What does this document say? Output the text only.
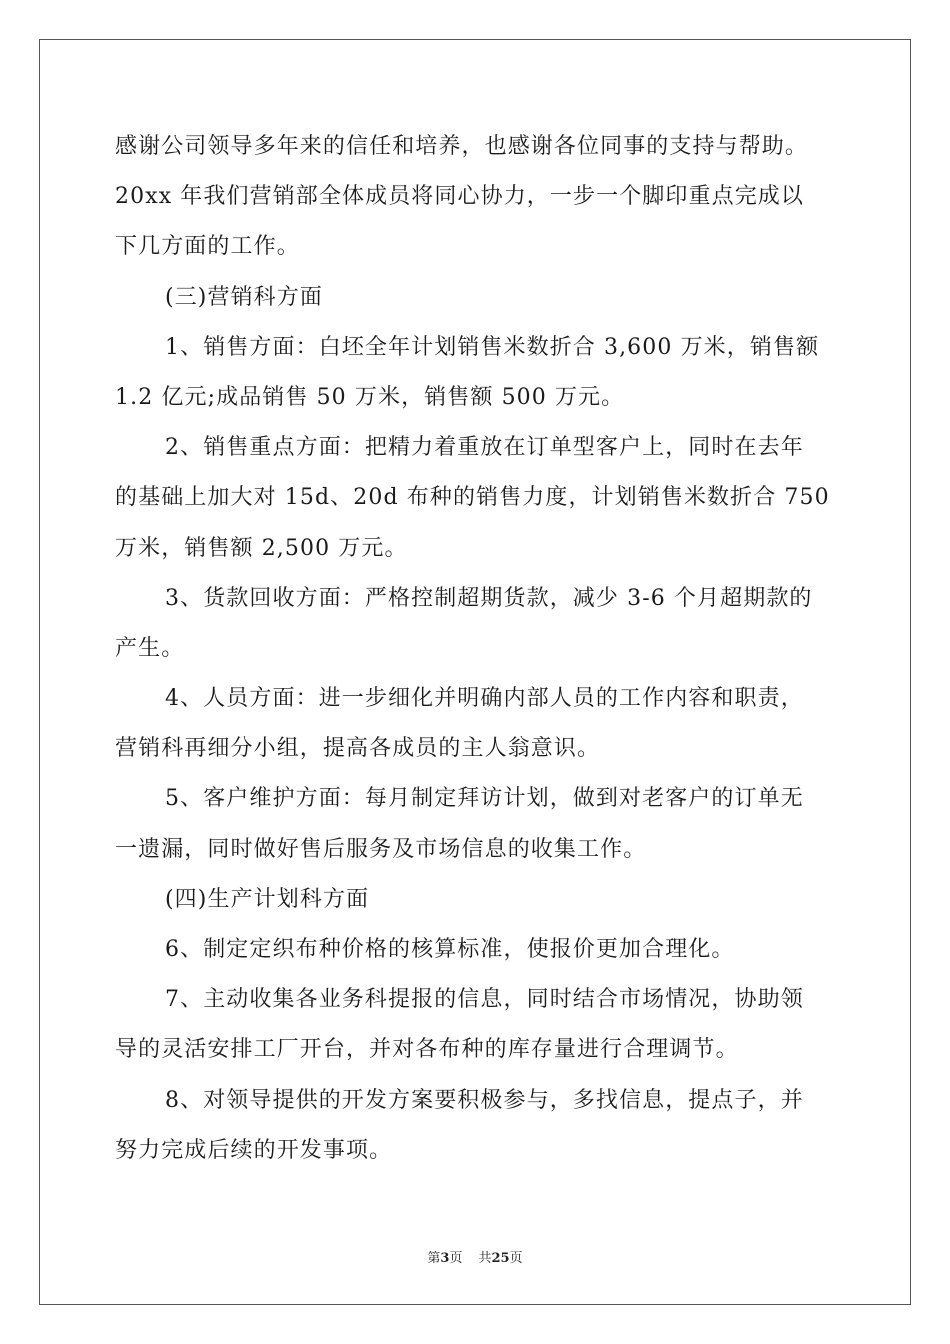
感谢公司领导多年来的信任和培养，也感谢各位同事的支持与帮助。
20xx 年我们营销部全体成员将同心协力，一步一个脚印重点完成以
下几方面的工作。
(三)营销科方面
1、销售方面：白坯全年计划销售米数折合 3,600 万米，销售额
1.2 亿元;成品销售 50 万米，销售额 500 万元。
2、销售重点方面：把精力着重放在订单型客户上，同时在去年
的基础上加大对 15d、20d 布种的销售力度，计划销售米数折合 750
万米，销售额 2,500 万元。
3、货款回收方面：严格控制超期货款，减少 3-6 个月超期款的
产生。
4、人员方面：进一步细化并明确内部人员的工作内容和职责，
营销科再细分小组，提高各成员的主人翁意识。
5、客户维护方面：每月制定拜访计划，做到对老客户的订单无
一遗漏，同时做好售后服务及市场信息的收集工作。
(四)生产计划科方面
6、制定定织布种价格的核算标准，使报价更加合理化。
7、主动收集各业务科提报的信息，同时结合市场情况，协助领
导的灵活安排工厂开台，并对各布种的库存量进行合理调节。
8、对领导提供的开发方案要积极参与，多找信息，提点子，并
努力完成后续的开发事项。
第3页 共25页
